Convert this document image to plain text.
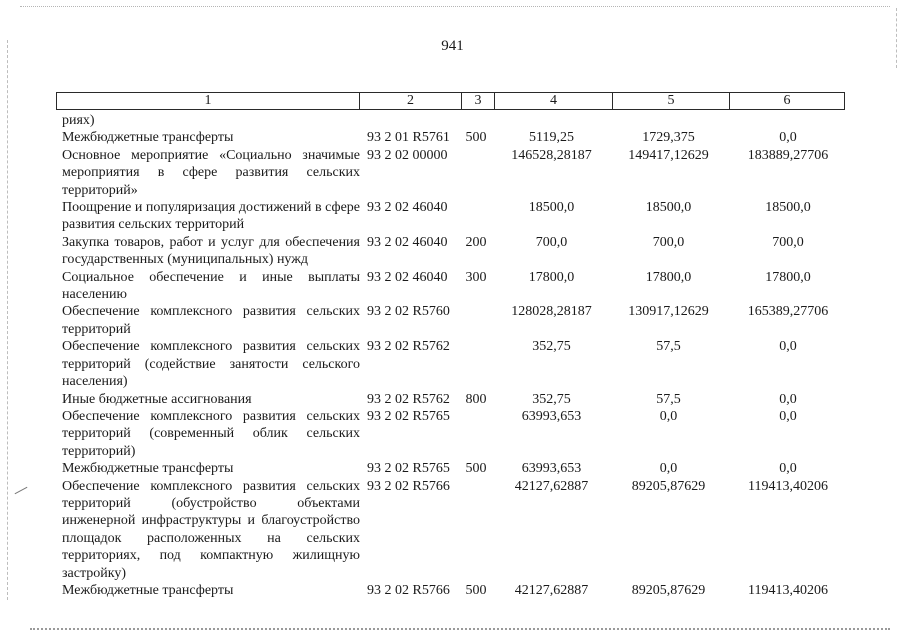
941
1	2	3	4	5	6
рияx)					
Межбюджетные трансферты	93 2 01 R5761	500	5119,25	1729,375	0,0
Основное мероприятие «Социально значимые мероприятия в сфере развития сельских территорий»	93 2 02 00000		146528,28187	149417,12629	183889,27706
Поощрение и популяризация достижений в сфере развития сельских территорий	93 2 02 46040		18500,0	18500,0	18500,0
Закупка товаров, работ и услуг для обеспечения государственных (муниципальных) нужд	93 2 02 46040	200	700,0	700,0	700,0
Социальное обеспечение и иные выплаты населению	93 2 02 46040	300	17800,0	17800,0	17800,0
Обеспечение комплексного развития сельских территорий	93 2 02 R5760		128028,28187	130917,12629	165389,27706
Обеспечение комплексного развития сельских территорий (содействие занятости сельского населения)	93 2 02 R5762		352,75	57,5	0,0
Иные бюджетные ассигнования	93 2 02 R5762	800	352,75	57,5	0,0
Обеспечение комплексного развития сельских территорий (современный облик сельских территорий)	93 2 02 R5765		63993,653	0,0	0,0
Межбюджетные трансферты	93 2 02 R5765	500	63993,653	0,0	0,0
Обеспечение комплексного развития сельских территорий (обустройство объектами инженерной инфраструктуры и благоустройство площадок расположенных на сельских территориях, под компактную жилищную застройку)	93 2 02 R5766		42127,62887	89205,87629	119413,40206
Межбюджетные трансферты	93 2 02 R5766	500	42127,62887	89205,87629	119413,40206
